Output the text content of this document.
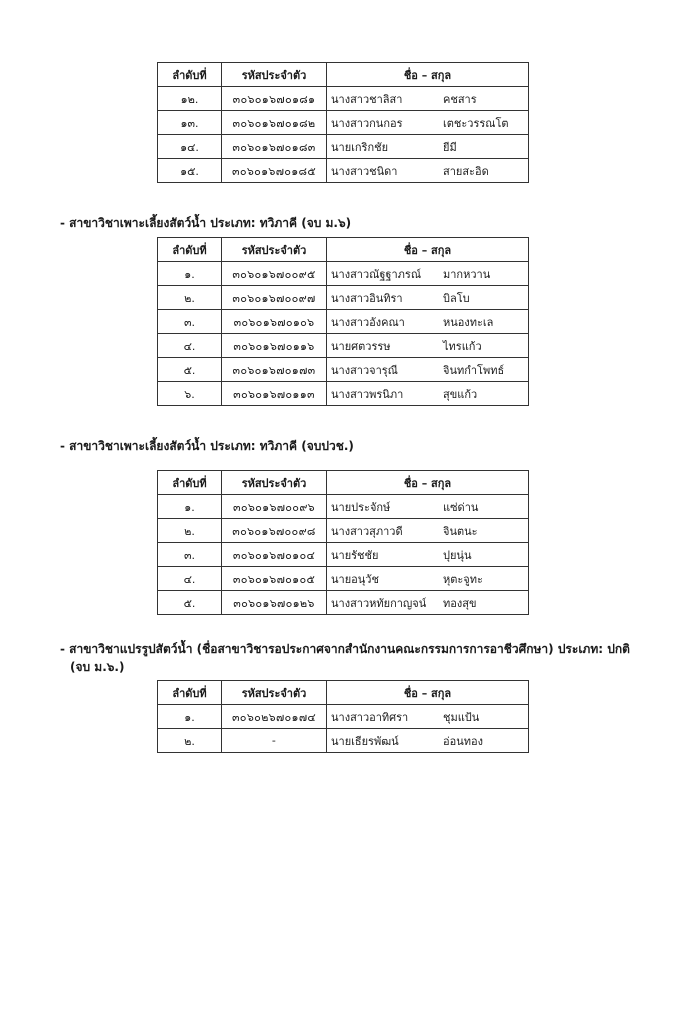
ลำดับที่	รหัสประจำตัว	ชื่อ – สกุล
๑๒.	๓๐๖๐๑๖๗๐๑๘๑	นางสาวชาลิสา คชสาร
๑๓.	๓๐๖๐๑๖๗๐๑๘๒	นางสาวกนกอร เตชะวรรณโต
๑๔.	๓๐๖๐๑๖๗๐๑๘๓	นายเกริกชัย ยีมี
๑๕.	๓๐๖๐๑๖๗๐๑๘๕	นางสาวชนิดา สายสะอิด
- สาขาวิชาเพาะเลี้ยงสัตว์น้ำ ประเภท: ทวิภาคี (จบ ม.๖)
ลำดับที่	รหัสประจำตัว	ชื่อ – สกุล
๑.	๓๐๖๐๑๖๗๐๐๙๕	นางสาวณัฐฐาภรณ์ มากหวาน
๒.	๓๐๖๐๑๖๗๐๐๙๗	นางสาวอินทิรา บิลโบ
๓.	๓๐๖๐๑๖๗๐๑๐๖	นางสาวอังคณา หนองทะเล
๔.	๓๐๖๐๑๖๗๐๑๑๖	นายศตวรรษ ไทรแก้ว
๕.	๓๐๖๐๑๖๗๐๑๗๓	นางสาวจารุณี จินทกำโพทธ์
๖.	๓๐๖๐๑๖๗๐๑๑๓	นางสาวพรนิภา สุขแก้ว
- สาขาวิชาเพาะเลี้ยงสัตว์น้ำ ประเภท: ทวิภาคี (จบปวช.)
ลำดับที่	รหัสประจำตัว	ชื่อ – สกุล
๑.	๓๐๖๐๑๖๗๐๐๙๖	นายประจักษ์ แซ่ด่าน
๒.	๓๐๖๐๑๖๗๐๐๙๘	นางสาวสุภาวดี จินตนะ
๓.	๓๐๖๐๑๖๗๐๑๐๔	นายรัชชัย ปุยนุ่น
๔.	๓๐๖๐๑๖๗๐๑๐๕	นายอนุวัช หุตะจูทะ
๕.	๓๐๖๐๑๖๗๐๑๒๖	นางสาวหทัยกาญจน์ ทองสุข
- สาขาวิชาแปรรูปสัตว์น้ำ (ชื่อสาขาวิชารอประกาศจากสำนักงานคณะกรรมการการอาชีวศึกษา) ประเภท: ปกติ
(จบ ม.๖.)
ลำดับที่	รหัสประจำตัว	ชื่อ – สกุล
๑.	๓๐๖๐๒๖๗๐๑๗๔	นางสาวอาทิศรา ชุมแป้น
๒.	-	นายเธียรพัฒน์ อ่อนทอง
